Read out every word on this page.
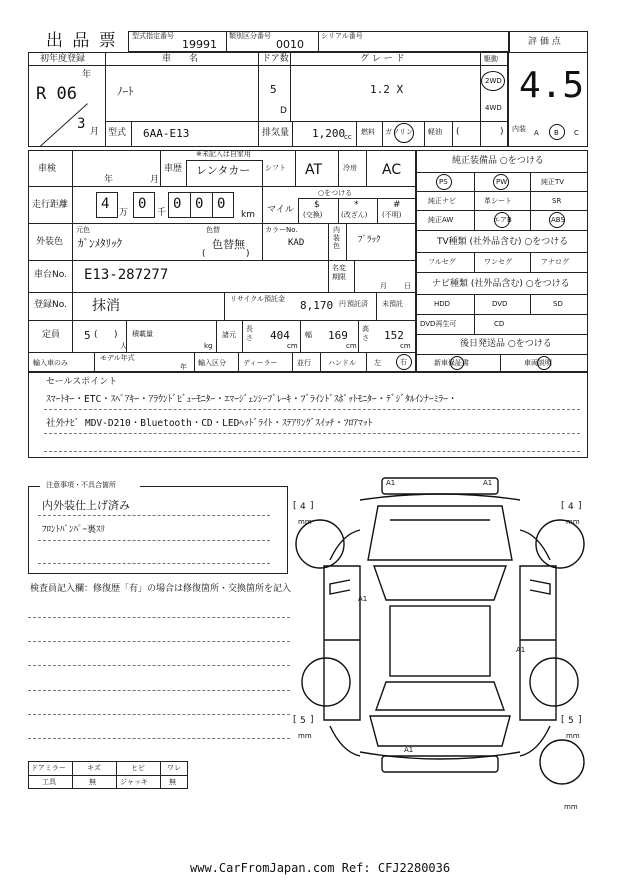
出 品 票 型式指定番号
19991
類別区分番号
0010
シリアル番号
評 価 点
4.5
初年度登録
年
R 06
3 月
車　　名
ﾉｰﾄ
ドア数
5
D
グ レ ー ド
1.2 X
駆動
2WD
4WD
型式 6AA-E13	排気量 1,200
cc
燃料 ガソリン 軽油 (	) 内装 A B C
車検
年	月
※未記入は自家用
車歴 レンタカー シフト AT	冷房 AC
走行距離 4
万
0
千
0 0 0
km
○をつける
マイル $	*	#
(交換)	(改ざん) (不明)
外装色
元色
ｶﾞﾝﾒﾀﾘｯｸ
色替
色替無
(	)
カラーNo.
KAD
内装色
ﾌﾞﾗｯｸ
車台No. E13-287277	名変期限
月 日
登録No. 抹消	リサイクル預託金 8,170 円 預託済 未預託
定員 5 ( )
人
積載量
kg
諸元
長さ 404
cm
幅 169
cm
高さ 152
cm
輸入車のみ
モデル年式
年 輸入区分 ディーラー	並行 ハンドル	左	右
純正装備品 ○をつける
PS	PW	純正TV
純正ナビ	革シート	SR
純正AW	エアB	ABS
TV種類 (社外品含む) ○をつける
フルセグ	ワンセグ	アナログ
ナビ種類 (社外品含む) ○をつける
HDD	DVD	SD
DVD再生可	CD
後日発送品 ○をつける
新車保証書	車両説明
セールスポイント
ｽﾏｰﾄｷｰ・ETC・ｽﾍﾟｱｷｰ・ｱﾗｳﾝﾄﾞﾋﾞｭｰﾓﾆﾀｰ・ｴﾏｰｼﾞｪﾝｼｰﾌﾞﾚｰｷ・ﾌﾞﾗｲﾝﾄﾞｽﾎﾟｯﾄﾓﾆﾀｰ・ﾃﾞｼﾞﾀﾙｲﾝﾅｰﾐﾗｰ・
社外ﾅﾋﾞ MDV-D210・Bluetooth・CD・LEDﾍｯﾄﾞﾗｲﾄ・ｽﾃｱﾘﾝｸﾞｽｲｯﾁ・ﾌﾛｱﾏｯﾄ
注意事項・不具合箇所
内外装仕上げ済み
ﾌﾛﾝﾄﾊﾞﾝﾊﾟｰ裏ｽﾘ
検査員記入欄：修復歴「有」の場合は修復箇所・交換箇所を記入
ドアミラー	キズ	ヒビ	ワレ
工具	無	ジャッキ	無
A1	A1
A1
A1
A1
[ 4 ]
mm
[ 4 ]
mm
[ 5 ]
mm
[ 5 ]
mm
mm
www.CarFromJapan.com Ref: CFJ2280036
